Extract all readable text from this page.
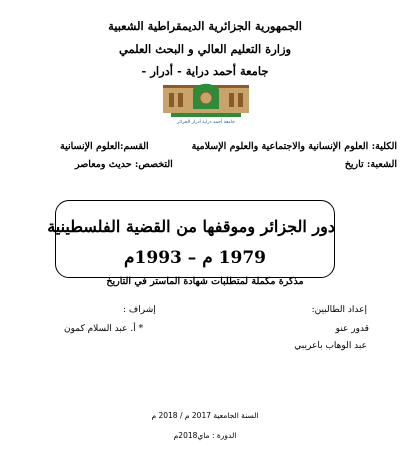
الجمهورية الجزائرية الديمقراطية الشعبية
وزارة التعليم العالي و البحث العلمي
جامعة أحمد دراية - أدرار -
جامعة أحمد دراية أدرار الجزائر
الكلية: العلوم الإنسانية والاجتماعية والعلوم الإسلامية
القسم:العلوم الإنسانية
الشعبة: تاريخ
التخصص: حديث ومعاصر
دور الجزائر وموقفها من القضية الفلسطينية
1979 م – 1993م
مذكرة مكملة لمتطلبات شهادة الماستر في التاريخ
إعداد الطالبين:
قدور عنو
عبد الوهاب باعريبي
إشراف :
* أ. عبد السلام كمون
السنة الجامعية 2017 م / 2018 م
الدورة : ماي2018م
